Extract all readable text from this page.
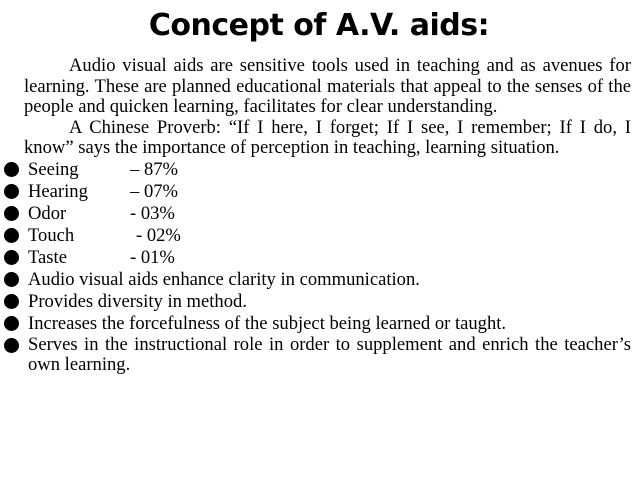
Concept of A.V. aids:

Audio visual aids are sensitive tools used in teaching and as avenues for learning. These are planned educational materials that appeal to the senses of the people and quicken learning, facilitates for clear understanding.

A Chinese Proverb: “If I here, I forget; If I see, I remember; If I do, I know” says the importance of perception in teaching, learning situation.

Seeing	– 87%
Hearing – 07%
Odor	- 03%
Touch	- 02%
Taste	- 01%
Audio visual aids enhance clarity in communication.
Provides diversity in method.
Increases the forcefulness of the subject being learned or taught.
Serves in the instructional role in order to supplement and enrich the teacher’s own learning.
